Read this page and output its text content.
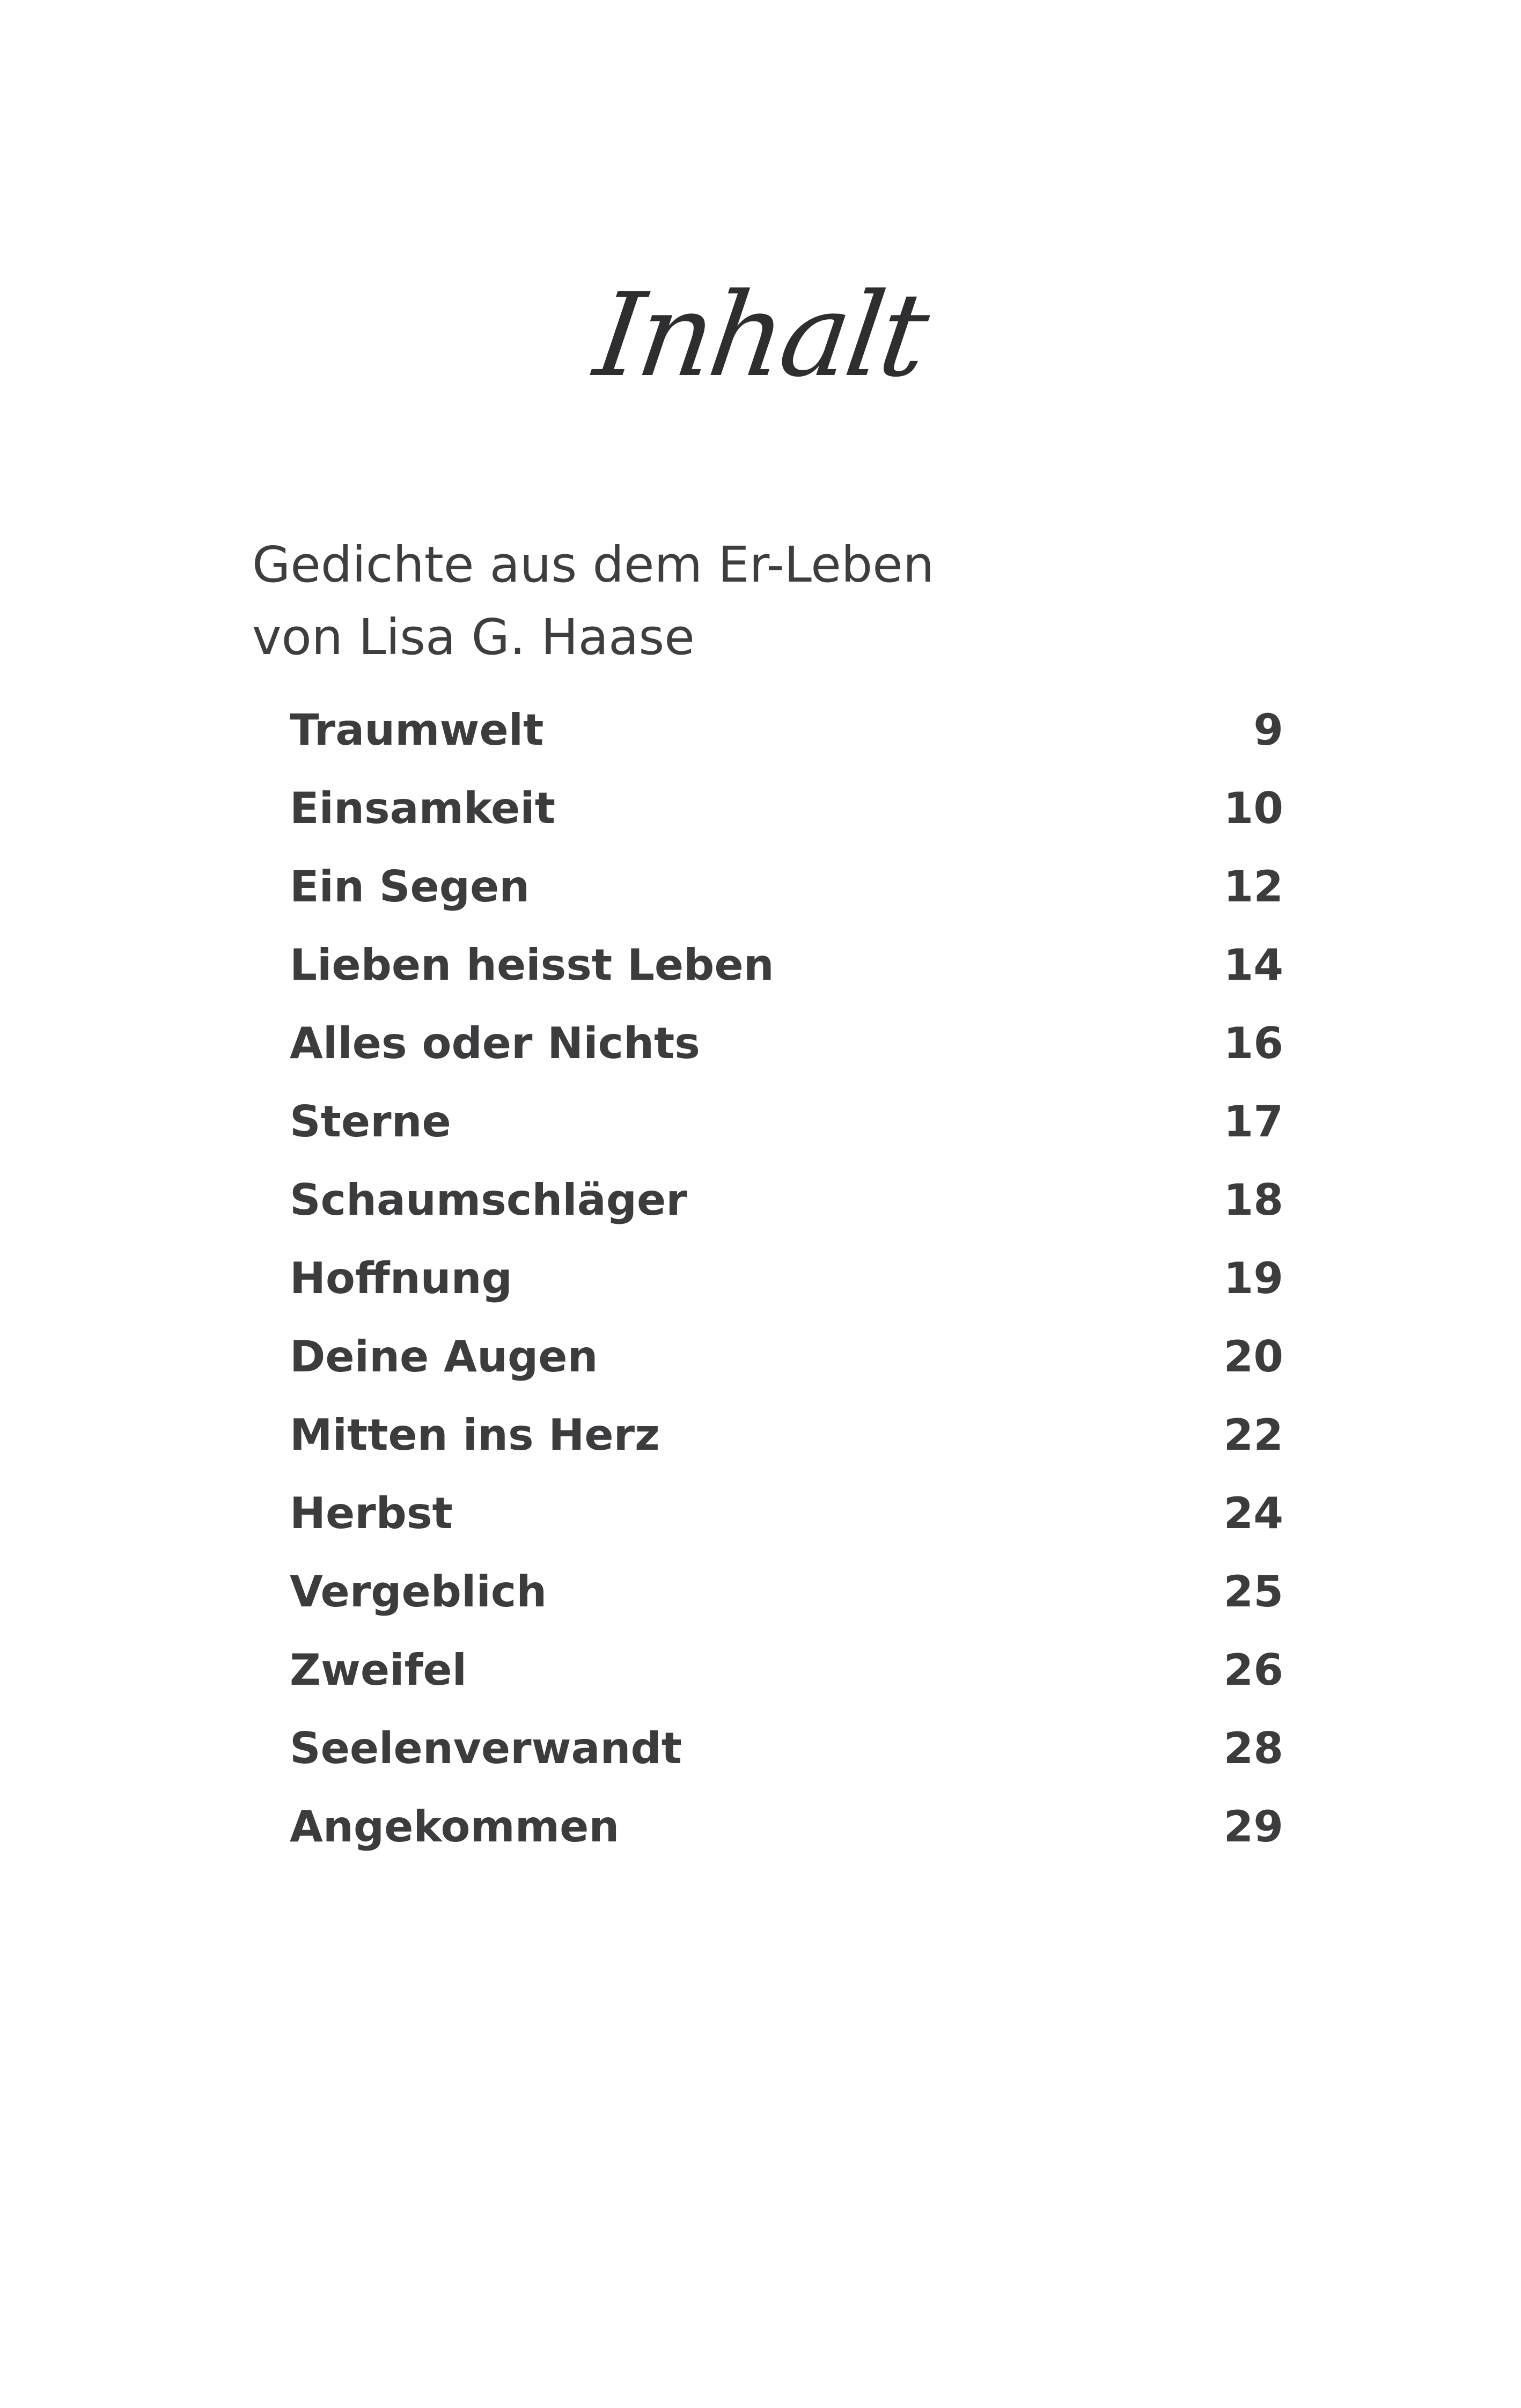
Inhalt
Gedichte aus dem Er-Leben
von Lisa G. Haase
Traumwelt	9
Einsamkeit	10
Ein Segen	12
Lieben heisst Leben	14
Alles oder Nichts	16
Sterne	17
Schaumschläger	18
Hoffnung	19
Deine Augen	20
Mitten ins Herz	22
Herbst	24
Vergeblich	25
Zweifel	26
Seelenverwandt	28
Angekommen	29
